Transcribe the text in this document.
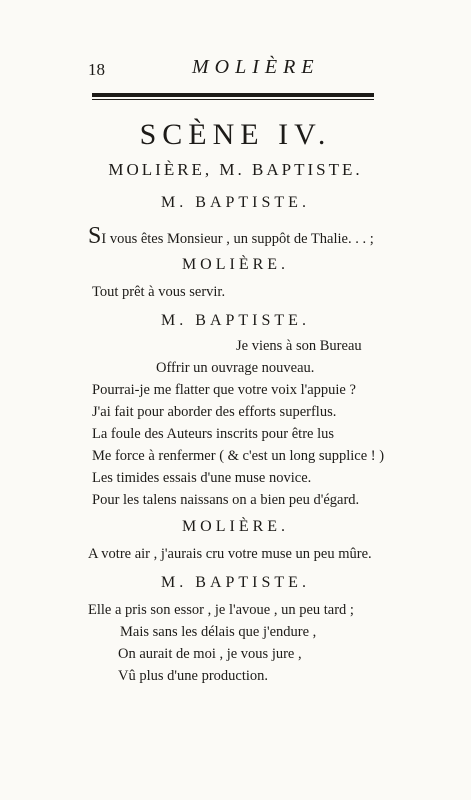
18	MOLIÈRE
SCÈNE IV.
MOLIÈRE, M. BAPTISTE.
M. BAPTISTE.
SI vous êtes Monsieur , un suppôt de Thalie. . . ;
MOLIÈRE.
Tout prêt à vous servir.
M. BAPTISTE.
Je viens à son Bureau
Offrir un ouvrage nouveau.
Pourrai-je me flatter que votre voix l'appuie ?
J'ai fait pour aborder des efforts superflus.
La foule des Auteurs inscrits pour être lus
Me force à renfermer ( & c'est un long supplice ! )
Les timides essais d'une muse novice.
Pour les talens naissans on a bien peu d'égard.
MOLIÈRE.
A votre air , j'aurais cru votre muse un peu mûre.
M. BAPTISTE.
Elle a pris son essor , je l'avoue , un peu tard ;
Mais sans les délais que j'endure ,
On aurait de moi , je vous jure ,
Vû plus d'une production.
